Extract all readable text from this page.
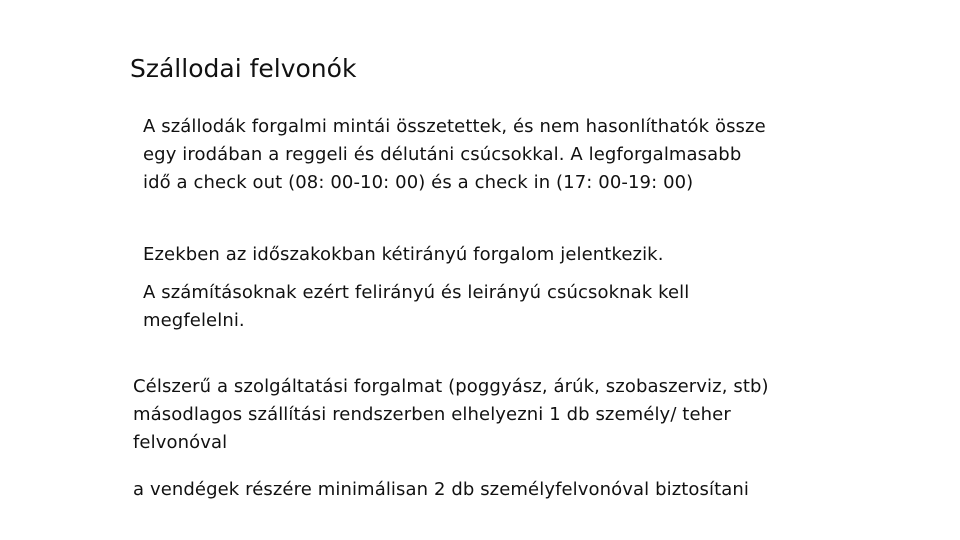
Szállodai felvonók
A szállodák forgalmi mintái összetettek, és nem hasonlíthatók össze
egy irodában a reggeli és délutáni csúcsokkal. A legforgalmasabb
idő a check out (08: 00-10: 00) és a check in (17: 00-19: 00)
Ezekben az időszakokban kétirányú forgalom jelentkezik.
A számításoknak ezért felirányú és leirányú csúcsoknak kell
megfelelni.
Célszerű a szolgáltatási forgalmat (poggyász, árúk, szobaszerviz, stb)
másodlagos szállítási rendszerben elhelyezni 1 db személy/ teher
felvonóval
a vendégek részére minimálisan 2 db személyfelvonóval biztosítani
